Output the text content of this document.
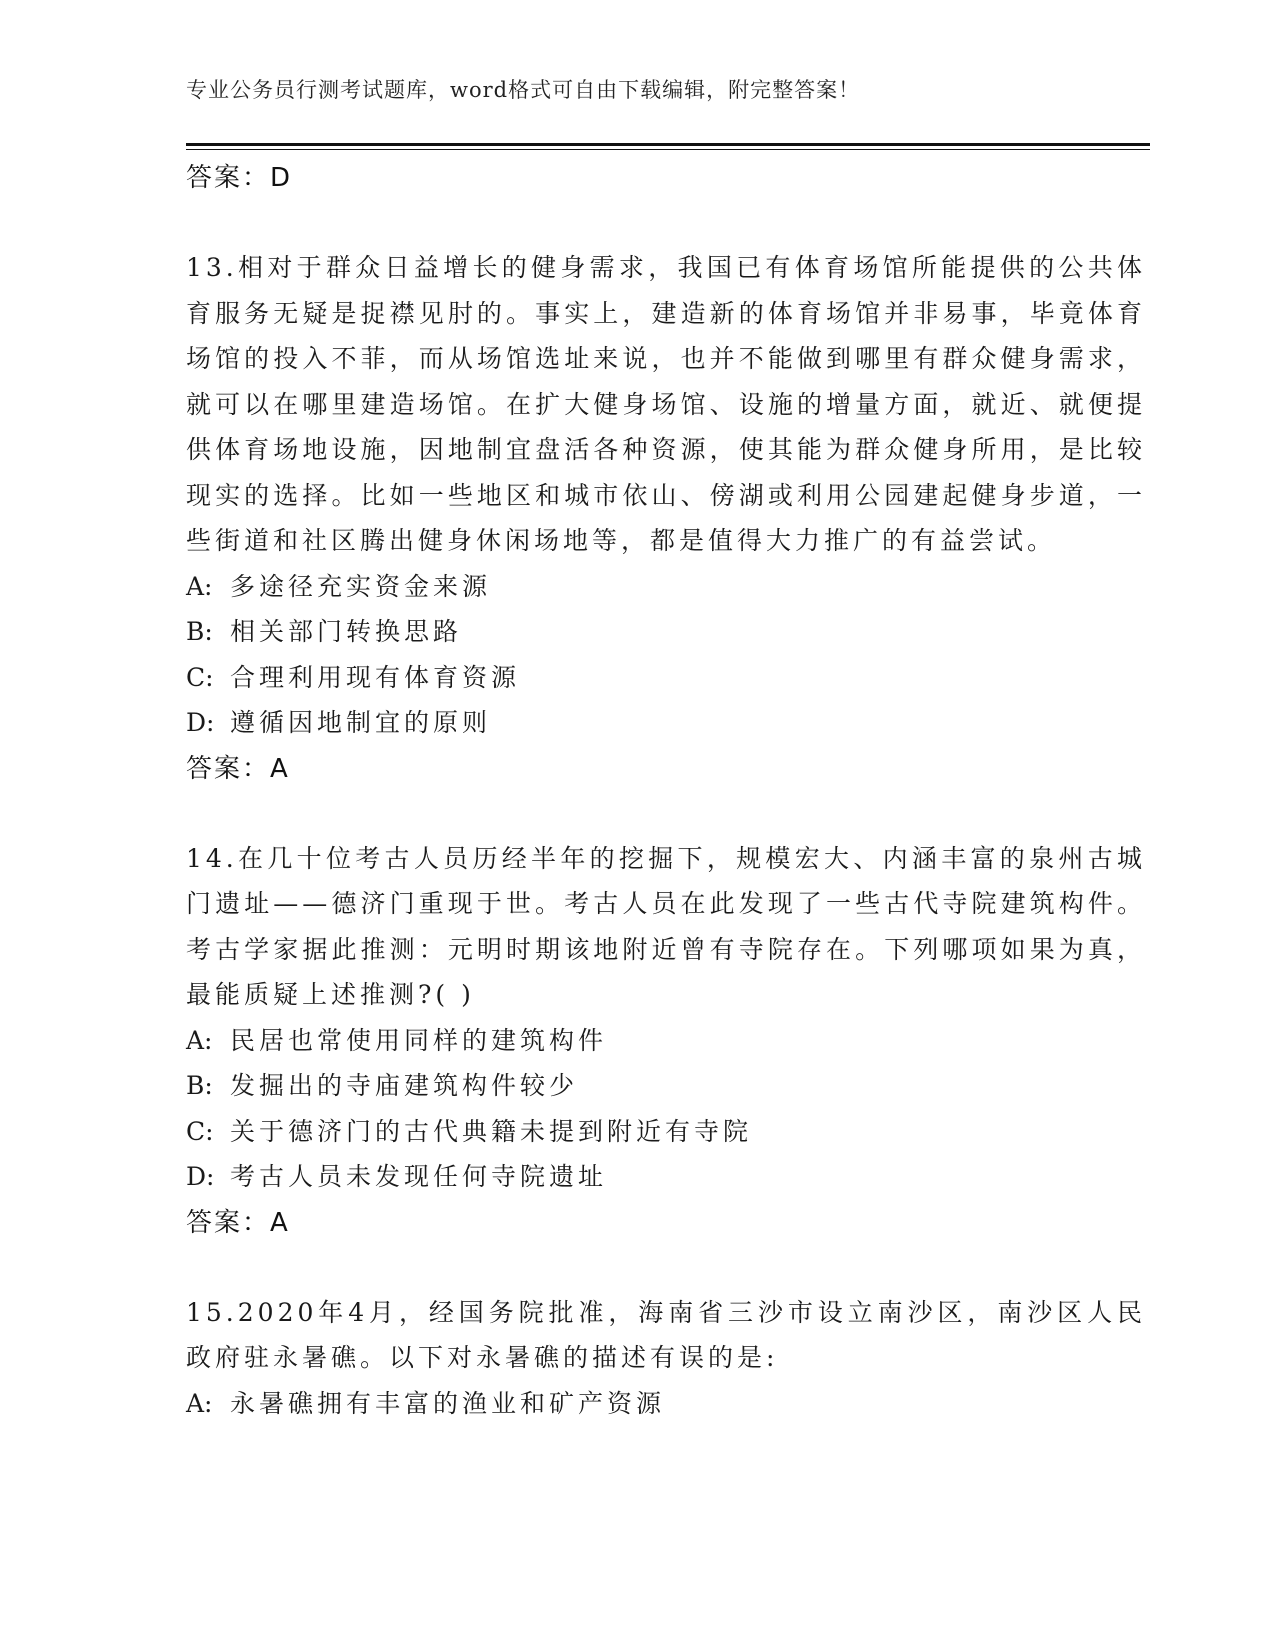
专业公务员行测考试题库，word格式可自由下载编辑，附完整答案！
答案：D

13.相对于群众日益增长的健身需求，我国已有体育场馆所能提供的公共体育服务无疑是捉襟见肘的。事实上，建造新的体育场馆并非易事，毕竟体育场馆的投入不菲，而从场馆选址来说，也并不能做到哪里有群众健身需求，就可以在哪里建造场馆。在扩大健身场馆、设施的增量方面，就近、就便提供体育场地设施，因地制宜盘活各种资源，使其能为群众健身所用，是比较现实的选择。比如一些地区和城市依山、傍湖或利用公园建起健身步道，一些街道和社区腾出健身休闲场地等，都是值得大力推广的有益尝试。

A: 多途径充实资金来源
B: 相关部门转换思路
C: 合理利用现有体育资源
D: 遵循因地制宜的原则
答案：A

14.在几十位考古人员历经半年的挖掘下，规模宏大、内涵丰富的泉州古城门遗址——德济门重现于世。考古人员在此发现了一些古代寺院建筑构件。考古学家据此推测：元明时期该地附近曾有寺院存在。下列哪项如果为真，最能质疑上述推测?( )

A: 民居也常使用同样的建筑构件
B: 发掘出的寺庙建筑构件较少
C: 关于德济门的古代典籍未提到附近有寺院
D: 考古人员未发现任何寺院遗址
答案：A

15.2020年4月，经国务院批准，海南省三沙市设立南沙区，南沙区人民政府驻永暑礁。以下对永暑礁的描述有误的是:

A: 永暑礁拥有丰富的渔业和矿产资源
